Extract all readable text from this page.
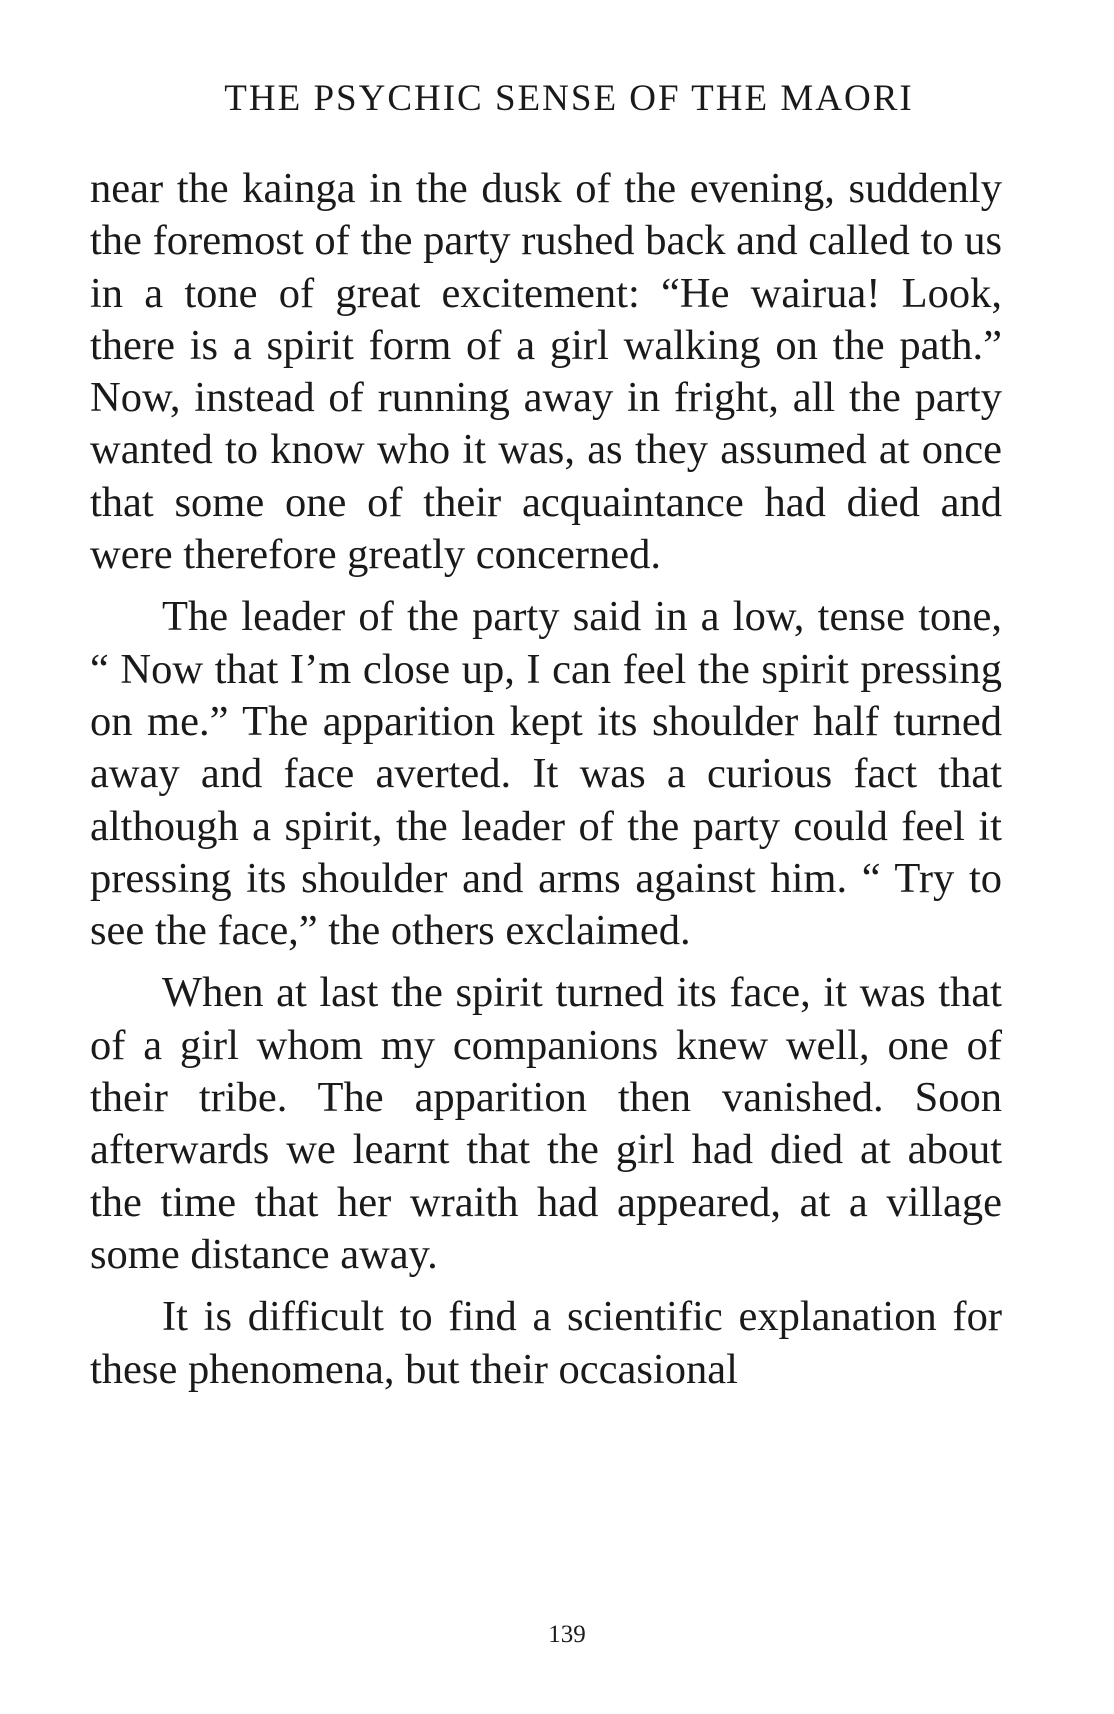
THE PSYCHIC SENSE OF THE MAORI

near the kainga in the dusk of the evening, suddenly the foremost of the party rushed back and called to us in a tone of great excitement: “He wairua! Look, there is a spirit form of a girl walking on the path.” Now, instead of running away in fright, all the party wanted to know who it was, as they assumed at once that some one of their acquaintance had died and were therefore greatly concerned.

The leader of the party said in a low, tense tone, “ Now that I’m close up, I can feel the spirit pressing on me.” The apparition kept its shoulder half turned away and face averted. It was a curious fact that although a spirit, the leader of the party could feel it pressing its shoulder and arms against him. “ Try to see the face,” the others exclaimed.

When at last the spirit turned its face, it was that of a girl whom my companions knew well, one of their tribe. The apparition then vanished. Soon afterwards we learnt that the girl had died at about the time that her wraith had appeared, at a village some distance away.

It is difficult to find a scientific explanation for these phenomena, but their occasional

139
